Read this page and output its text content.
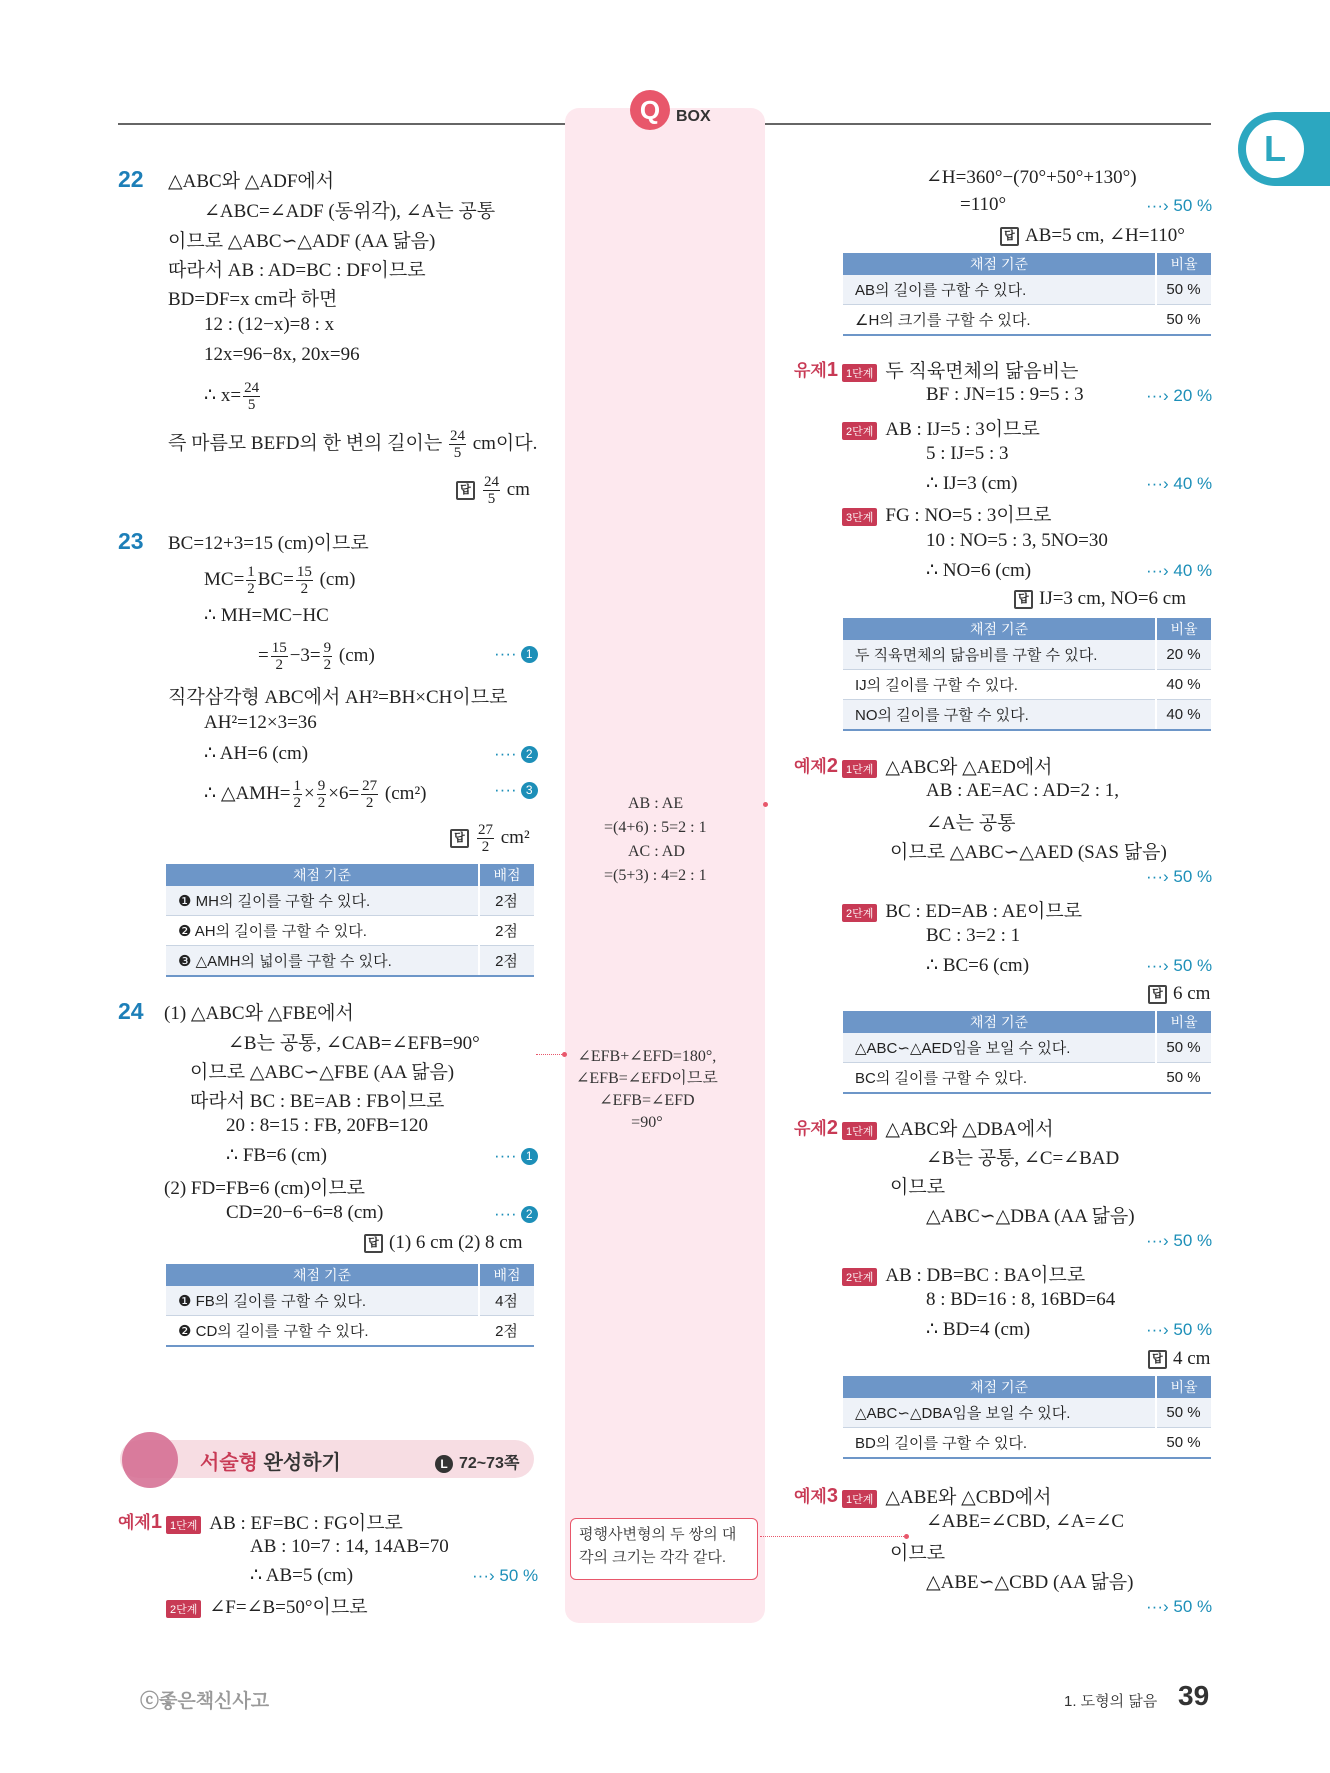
Q BOX
L
22 △ABC와 △ADF에서
∠ABC=∠ADF (동위각), ∠A는 공통
이므로 △ABC∽△ADF (AA 닮음)
따라서 AB : AD=BC : DF이므로
BD=DF=x cm라 하면
12 : (12−x)=8 : x
12x=96−8x, 20x=96
∴ $x= \frac{24}{5}$
즉 마름모 BEFD의 한 변의 길이는 $\frac{24}{5}$ cm이다.
답 $\frac{24}{5}$ cm
23 BC=12+3=15 (cm)이므로
$MC= \frac{1}{2} BC= \frac{15}{2} (cm)$
∴ MH=MC−HC
= $\frac{15}{2} -3= \frac{9}{2} (cm)$	···· 1
직각삼각형 ABC에서 AH²=BH×CH이므로
AH²=12×3=36
∴ AH=6 (cm)	···· 2
∴ △AMH= $\frac{1}{2} \times \frac{9}{2} \times 6= \frac{27}{2} (cm^2)$	···· 3
답 $\frac{27}{2} cm^2$
채점 기준	배점
❶ MH의 길이를 구할 수 있다.	2점
❷ AH의 길이를 구할 수 있다.	2점
❸ △AMH의 넓이를 구할 수 있다.	2점
24 (1) △ABC와 △FBE에서
∠B는 공통, ∠CAB=∠EFB=90°
이므로 △ABC∽△FBE (AA 닮음)
따라서 BC : BE=AB : FB이므로
20 : 8=15 : FB, 20FB=120
∴ FB=6 (cm)	···· 1
(2) FD=FB=6 (cm)이므로
CD=20−6−6=8 (cm)	···· 2
답 (1) 6 cm (2) 8 cm
채점 기준	배점
❶ FB의 길이를 구할 수 있다.	4점
❷ CD의 길이를 구할 수 있다.	2점
서술형 완성하기	L 72~73쪽
예제1 1단계 AB : EF=BC : FG이므로
AB : 10=7 : 14, 14AB=70
∴ AB=5 (cm)	···› 50 %
2단계 ∠F=∠B=50°이므로
AB : AE
=(4+6) : 5=2 : 1
AC : AD
=(5+3) : 4=2 : 1
∠EFB+∠EFD=180°,
∠EFB=∠EFD이므로
∠EFB=∠EFD
=90°
평행사변형의 두 쌍의 대각의 크기는 각각 같다.
∠H=360°−(70°+50°+130°)
=110°	···› 50 %
답 AB=5 cm, ∠H=110°
채점 기준	비율
AB의 길이를 구할 수 있다.	50 %
∠H의 크기를 구할 수 있다.	50 %
유제1 1단계 두 직육면체의 닮음비는
BF : JN=15 : 9=5 : 3	···› 20 %
2단계 AB : IJ=5 : 3이므로
5 : IJ=5 : 3
∴ IJ=3 (cm)	···› 40 %
3단계 FG : NO=5 : 3이므로
10 : NO=5 : 3, 5NO=30
∴ NO=6 (cm)	···› 40 %
답 IJ=3 cm, NO=6 cm
채점 기준	비율
두 직육면체의 닮음비를 구할 수 있다.	20 %
IJ의 길이를 구할 수 있다.	40 %
NO의 길이를 구할 수 있다.	40 %
예제2 1단계 △ABC와 △AED에서
AB : AE=AC : AD=2 : 1,
∠A는 공통
이므로 △ABC∽△AED (SAS 닮음)
···› 50 %
2단계 BC : ED=AB : AE이므로
BC : 3=2 : 1
∴ BC=6 (cm)	···› 50 %
답 6 cm
채점 기준	비율
△ABC∽△AED임을 보일 수 있다.	50 %
BC의 길이를 구할 수 있다.	50 %
유제2 1단계 △ABC와 △DBA에서
∠B는 공통, ∠C=∠BAD
이므로
△ABC∽△DBA (AA 닮음)
···› 50 %
2단계 AB : DB=BC : BA이므로
8 : BD=16 : 8, 16BD=64
∴ BD=4 (cm)	···› 50 %
답 4 cm
채점 기준	비율
△ABC∽△DBA임을 보일 수 있다.	50 %
BD의 길이를 구할 수 있다.	50 %
예제3 1단계 △ABE와 △CBD에서
∠ABE=∠CBD, ∠A=∠C
이므로
△ABE∽△CBD (AA 닮음)
···› 50 %
ⓒ좋은책신사고	1. 도형의 닮음 39
